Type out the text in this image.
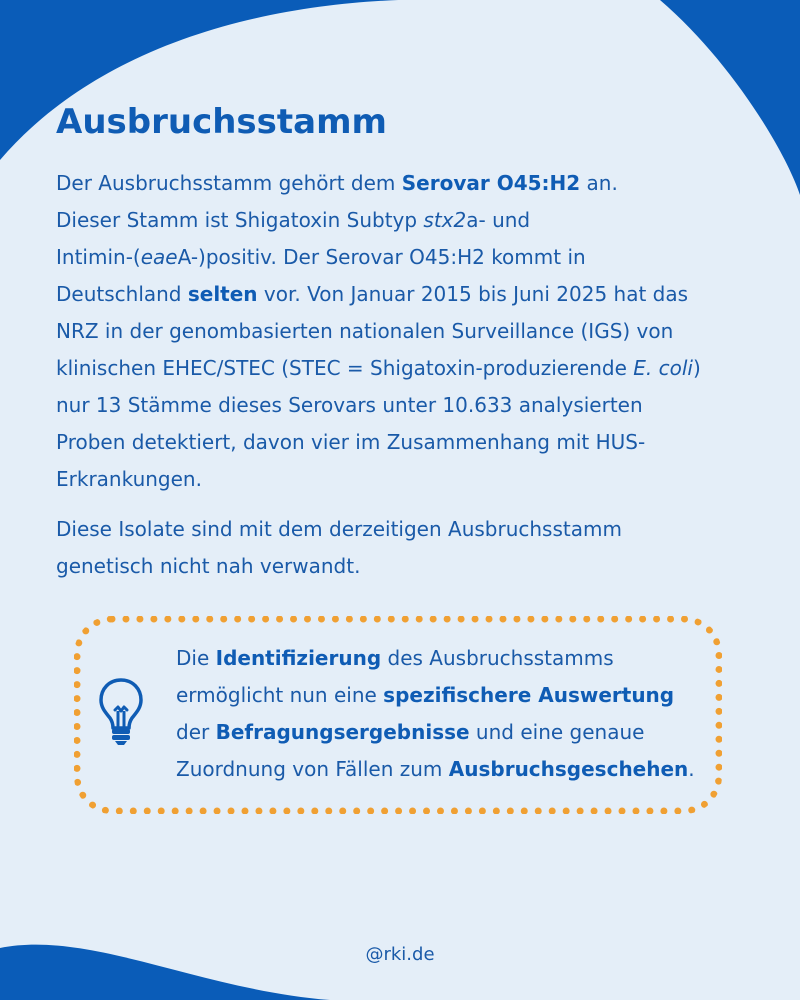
Ausbruchsstamm
Der Ausbruchsstamm gehört dem Serovar O45:H2 an.
Dieser Stamm ist Shigatoxin Subtyp stx2a- und
Intimin-(eaeA-)positiv. Der Serovar O45:H2 kommt in
Deutschland selten vor. Von Januar 2015 bis Juni 2025 hat das
NRZ in der genombasierten nationalen Surveillance (IGS) von
klinischen EHEC/STEC (STEC = Shigatoxin-produzierende E. coli)
nur 13 Stämme dieses Serovars unter 10.633 analysierten
Proben detektiert, davon vier im Zusammenhang mit HUS-
Erkrankungen.
Diese Isolate sind mit dem derzeitigen Ausbruchsstamm
genetisch nicht nah verwandt.
Die Identifizierung des Ausbruchsstamms
ermöglicht nun eine spezifischere Auswertung
der Befragungsergebnisse und eine genaue
Zuordnung von Fällen zum Ausbruchsgeschehen.
@rki.de
